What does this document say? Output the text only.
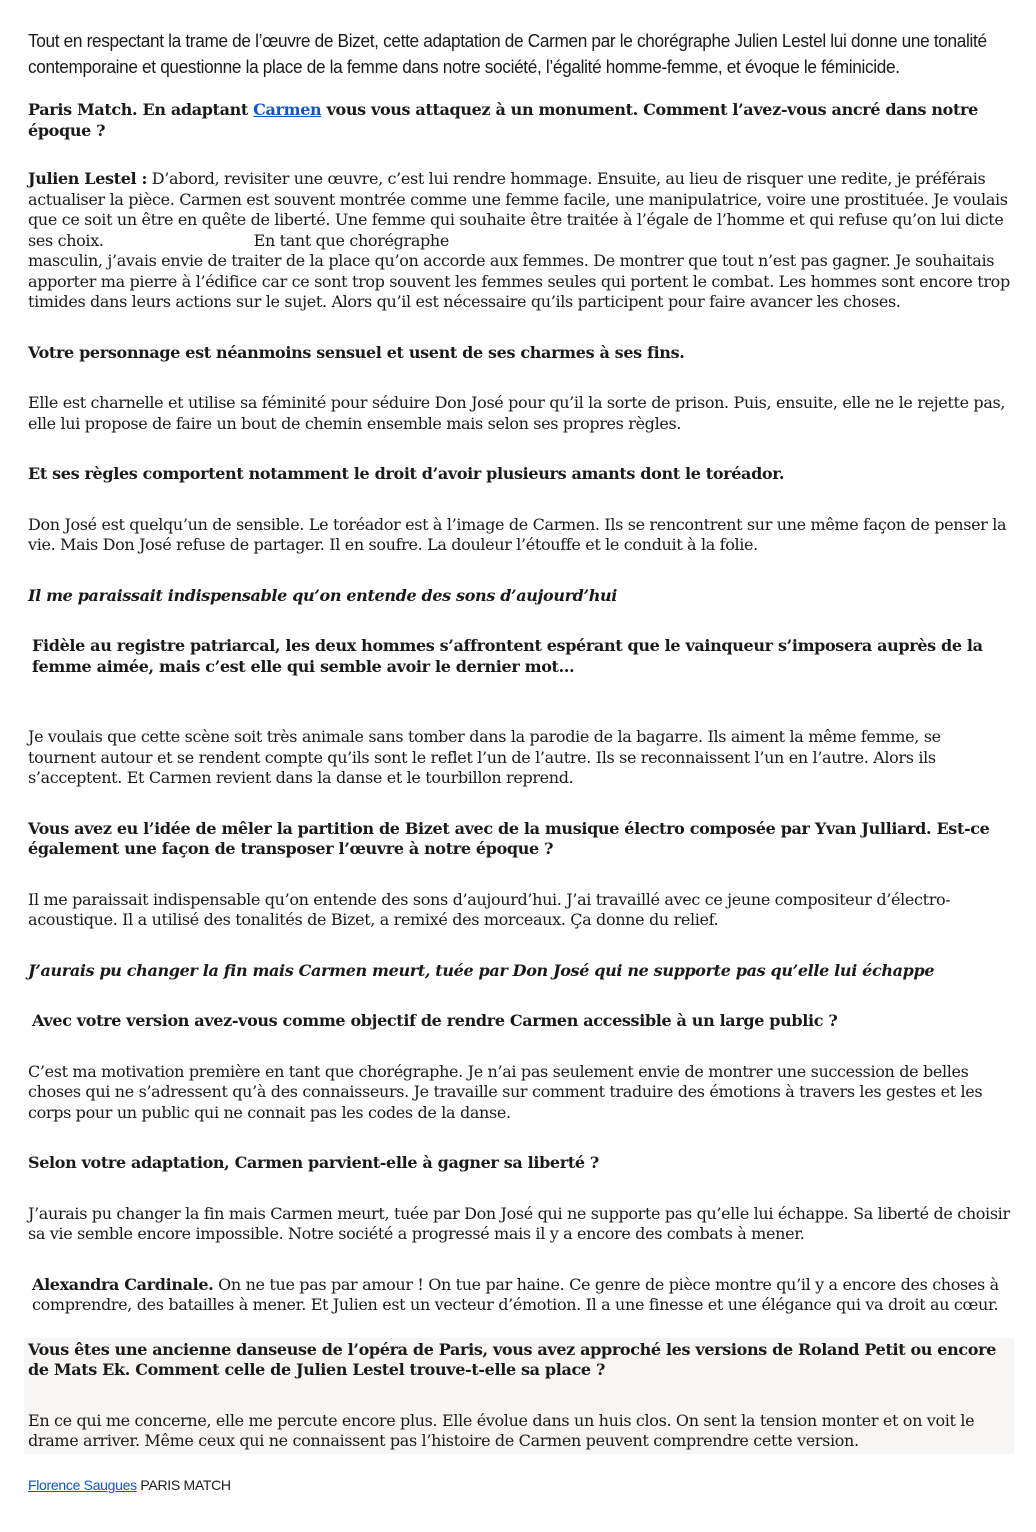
Tout en respectant la trame de l’œuvre de Bizet, cette adaptation de Carmen par le chorégraphe Julien Lestel lui donne une tonalité contemporaine et questionne la place de la femme dans notre société, l’égalité homme-femme, et évoque le féminicide.

Paris Match. En adaptant Carmen vous vous attaquez à un monument. Comment l’avez-vous ancré dans notre époque ?

Julien Lestel : D’abord, revisiter une œuvre, c’est lui rendre hommage. Ensuite, au lieu de risquer une redite, je préférais actualiser la pièce. Carmen est souvent montrée comme une femme facile, une manipulatrice, voire une prostituée. Je voulais que ce soit un être en quête de liberté. Une femme qui souhaite être traitée à l’égale de l’homme et qui refuse qu’on lui dicte ses choix.	En tant que chorégraphe
masculin, j’avais envie de traiter de la place qu’on accorde aux femmes. De montrer que tout n’est pas gagner. Je souhaitais apporter ma pierre à l’édifice car ce sont trop souvent les femmes seules qui portent le combat. Les hommes sont encore trop timides dans leurs actions sur le sujet. Alors qu’il est nécessaire qu’ils participent pour faire avancer les choses.

Votre personnage est néanmoins sensuel et usent de ses charmes à ses fins.

Elle est charnelle et utilise sa féminité pour séduire Don José pour qu’il la sorte de prison. Puis, ensuite, elle ne le rejette pas, elle lui propose de faire un bout de chemin ensemble mais selon ses propres règles.

Et ses règles comportent notamment le droit d’avoir plusieurs amants dont le toréador.

Don José est quelqu’un de sensible. Le toréador est à l’image de Carmen. Ils se rencontrent sur une même façon de penser la vie. Mais Don José refuse de partager. Il en soufre. La douleur l’étouffe et le conduit à la folie.

Il me paraissait indispensable qu’on entende des sons d’aujourd’hui

Fidèle au registre patriarcal, les deux hommes s’affrontent espérant que le vainqueur s’imposera auprès de la femme aimée, mais c’est elle qui semble avoir le dernier mot…

Je voulais que cette scène soit très animale sans tomber dans la parodie de la bagarre. Ils aiment la même femme, se tournent autour et se rendent compte qu’ils sont le reflet l’un de l’autre. Ils se reconnaissent l’un en l’autre. Alors ils s’acceptent. Et Carmen revient dans la danse et le tourbillon reprend.

Vous avez eu l’idée de mêler la partition de Bizet avec de la musique électro composée par Yvan Julliard. Est-ce également une façon de transposer l’œuvre à notre époque ?

Il me paraissait indispensable qu’on entende des sons d’aujourd’hui. J’ai travaillé avec ce jeune compositeur d’électro-acoustique. Il a utilisé des tonalités de Bizet, a remixé des morceaux. Ça donne du relief.

J’aurais pu changer la fin mais Carmen meurt, tuée par Don José qui ne supporte pas qu’elle lui échappe

Avec votre version avez-vous comme objectif de rendre Carmen accessible à un large public ?

C’est ma motivation première en tant que chorégraphe. Je n’ai pas seulement envie de montrer une succession de belles choses qui ne s’adressent qu’à des connaisseurs. Je travaille sur comment traduire des émotions à travers les gestes et les corps pour un public qui ne connait pas les codes de la danse.

Selon votre adaptation, Carmen parvient-elle à gagner sa liberté ?

J’aurais pu changer la fin mais Carmen meurt, tuée par Don José qui ne supporte pas qu’elle lui échappe. Sa liberté de choisir sa vie semble encore impossible. Notre société a progressé mais il y a encore des combats à mener.

Alexandra Cardinale. On ne tue pas par amour ! On tue par haine. Ce genre de pièce montre qu’il y a encore des choses à comprendre, des batailles à mener. Et Julien est un vecteur d’émotion. Il a une finesse et une élégance qui va droit au cœur.

Vous êtes une ancienne danseuse de l’opéra de Paris, vous avez approché les versions de Roland Petit ou encore de Mats Ek. Comment celle de Julien Lestel trouve-t-elle sa place ?

En ce qui me concerne, elle me percute encore plus. Elle évolue dans un huis clos. On sent la tension monter et on voit le drame arriver. Même ceux qui ne connaissent pas l’histoire de Carmen peuvent comprendre cette version.

Florence Saugues PARIS MATCH
